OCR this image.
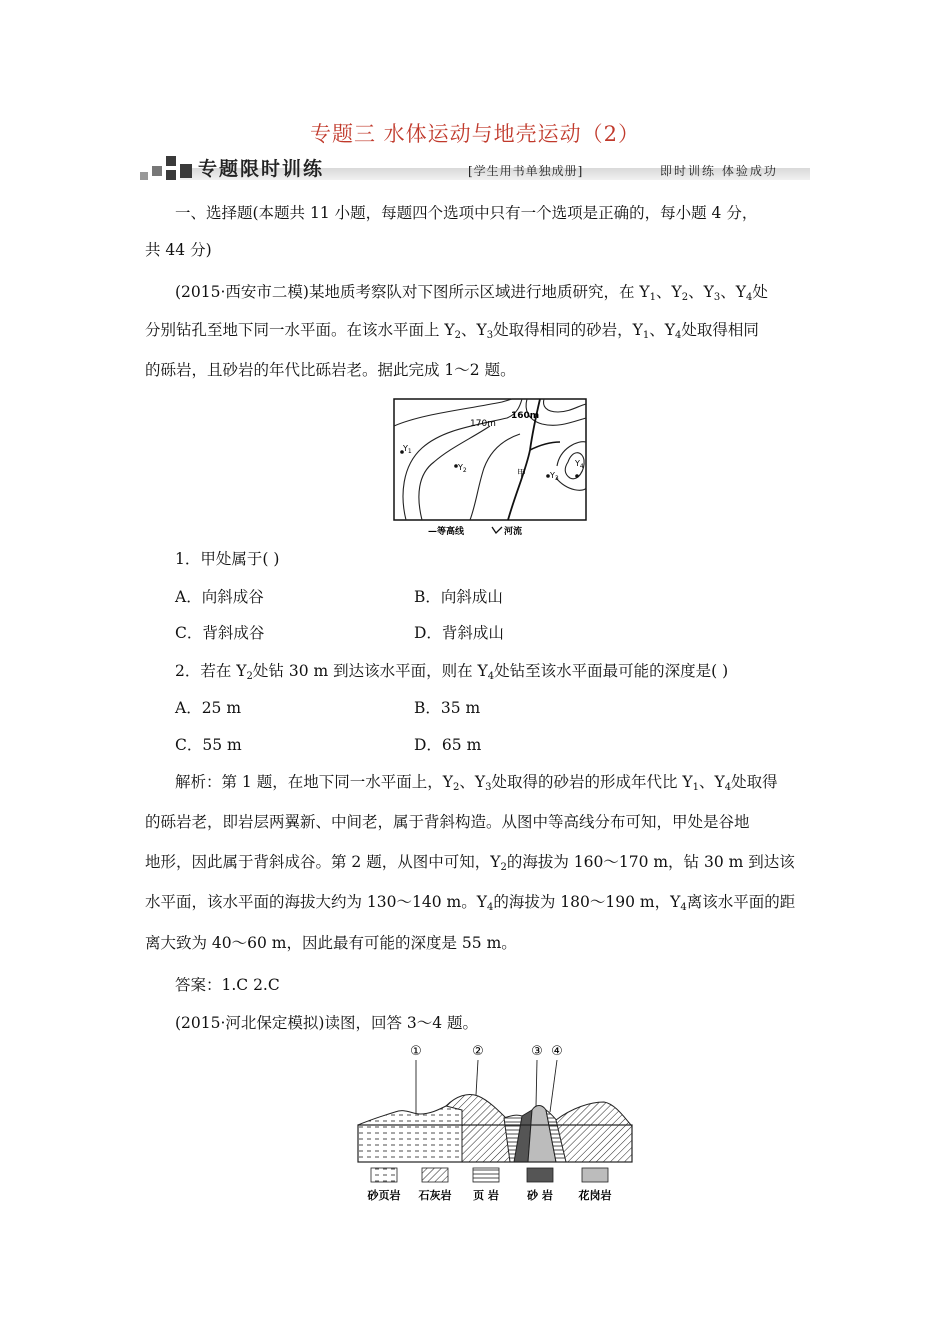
专题三 水体运动与地壳运动（2）
专题限时训练	[学生用书单独成册]	即时训练 体验成功
一、选择题(本题共 11 小题，每题四个选项中只有一个选项是正确的，每小题 4 分，
共 44 分)
(2015·西安市二模)某地质考察队对下图所示区域进行地质研究，在 $Y_1$、$Y_2$、$Y_3$、$Y_4$处
分别钻孔至地下同一水平面。在该水平面上 $Y_2$、$Y_3$处取得相同的砂岩，$Y_1$、$Y_4$处取得相同
的砾岩，且砂岩的年代比砾岩老。据此完成 1～2 题。
170m
160m
$Y_1$
$Y_2$
$Y_3$
$Y_4$
甲
—等高线	河流
1．甲处属于( )
A．向斜成谷	B．向斜成山
C．背斜成谷	D．背斜成山
2．若在 $Y_2$处钻 30 m 到达该水平面，则在 $Y_4$处钻至该水平面最可能的深度是( )
A．25 m	B．35 m
C．55 m	D．65 m
解析：第 1 题，在地下同一水平面上，$Y_2$、$Y_3$处取得的砂岩的形成年代比 $Y_1$、$Y_4$处取得
的砾岩老，即岩层两翼新、中间老，属于背斜构造。从图中等高线分布可知，甲处是谷地
地形，因此属于背斜成谷。第 2 题，从图中可知，$Y_2$的海拔为 160～170 m，钻 30 m 到达该
水平面，该水平面的海拔大约为 130～140 m。$Y_4$的海拔为 180～190 m，$Y_4$离该水平面的距
离大致为 40～60 m，因此最有可能的深度是 55 m。
答案：1.C 2.C
(2015·河北保定模拟)读图，回答 3～4 题。
①	②	③ ④
砂页岩 石灰岩 页 岩	砂 岩 花岗岩
